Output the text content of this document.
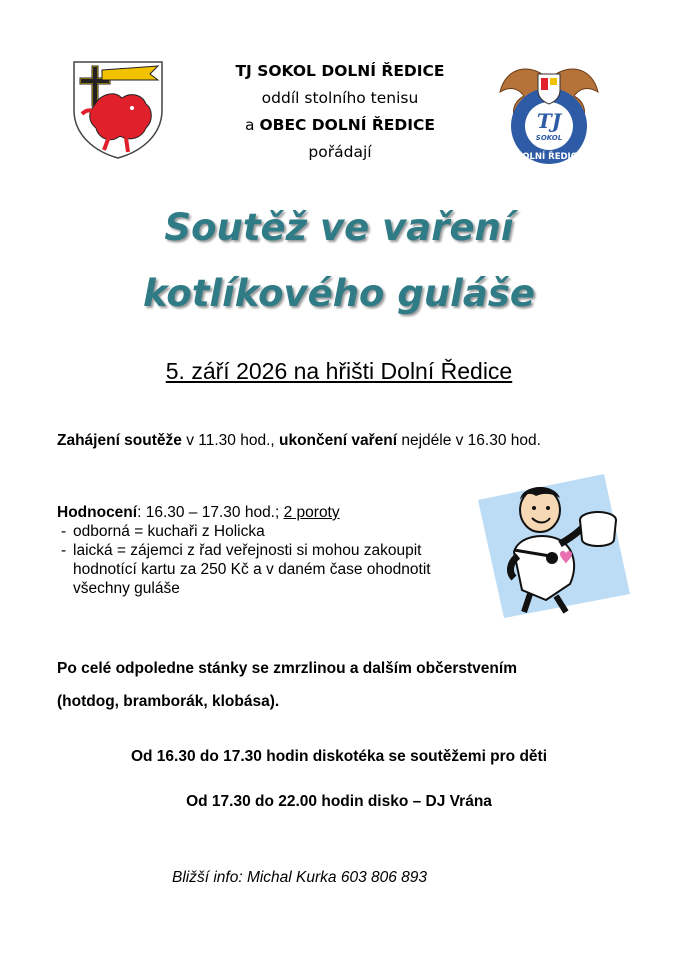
TJ SOKOL DOLNÍ ŘEDICE
oddíl stolního tenisu
a OBEC DOLNÍ ŘEDICE
pořádají
TJ
SOKOL
DOLNÍ ŘEDICE
Soutěž ve vaření
kotlíkového guláše
5. září 2026 na hřišti Dolní Ředice
Zahájení soutěže v 11.30 hod., ukončení vaření nejdéle v 16.30 hod.
Hodnocení: 16.30 – 17.30 hod.; 2 poroty
- odborná = kuchaři z Holicka
- laická = zájemci z řad veřejnosti si mohou zakoupit
hodnotící kartu za 250 Kč a v daném čase ohodnotit
všechny guláše
Po celé odpoledne stánky se zmrzlinou a dalším občerstvením
(hotdog, bramborák, klobása).
Od 16.30 do 17.30 hodin diskotéka se soutěžemi pro děti
Od 17.30 do 22.00 hodin disko – DJ Vrána
Bližší info: Michal Kurka 603 806 893
